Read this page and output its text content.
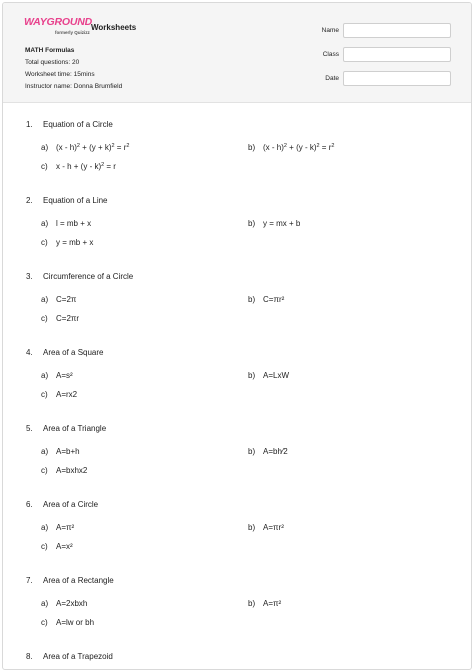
WAYGROUND
formerly Quizizz
Worksheets
MATH Formulas
Total questions: 20
Worksheet time: 15mins
Instructor name: Donna Brumfield
Name
Class
Date
1. Equation of a Circle
a) $(x - h)^2 + (y + k)^2 = r^2$	b) $(x - h)^2 + (y - k)^2 = r^2$
c) x - h + (y - k)$^2$ = r
2. Equation of a Line
a) l = mb + x	b) y = mx + b
c) y = mb + x
3. Circumference of a Circle
a) C=2π	b) C=πr²
c) C=2πr
4. Area of a Square
a) A=s²	b) A=LxW
c) A=rx2
5. Area of a Triangle
a) A=b+h	b) A=bh⁄2
c) A=bxhx2
6. Area of a Circle
a) A=π²	b) A=πr²
c) A=x²
7. Area of a Rectangle
a) A=2xbxh	b) A=π²
c) A=lw or bh
8. Area of a Trapezoid
